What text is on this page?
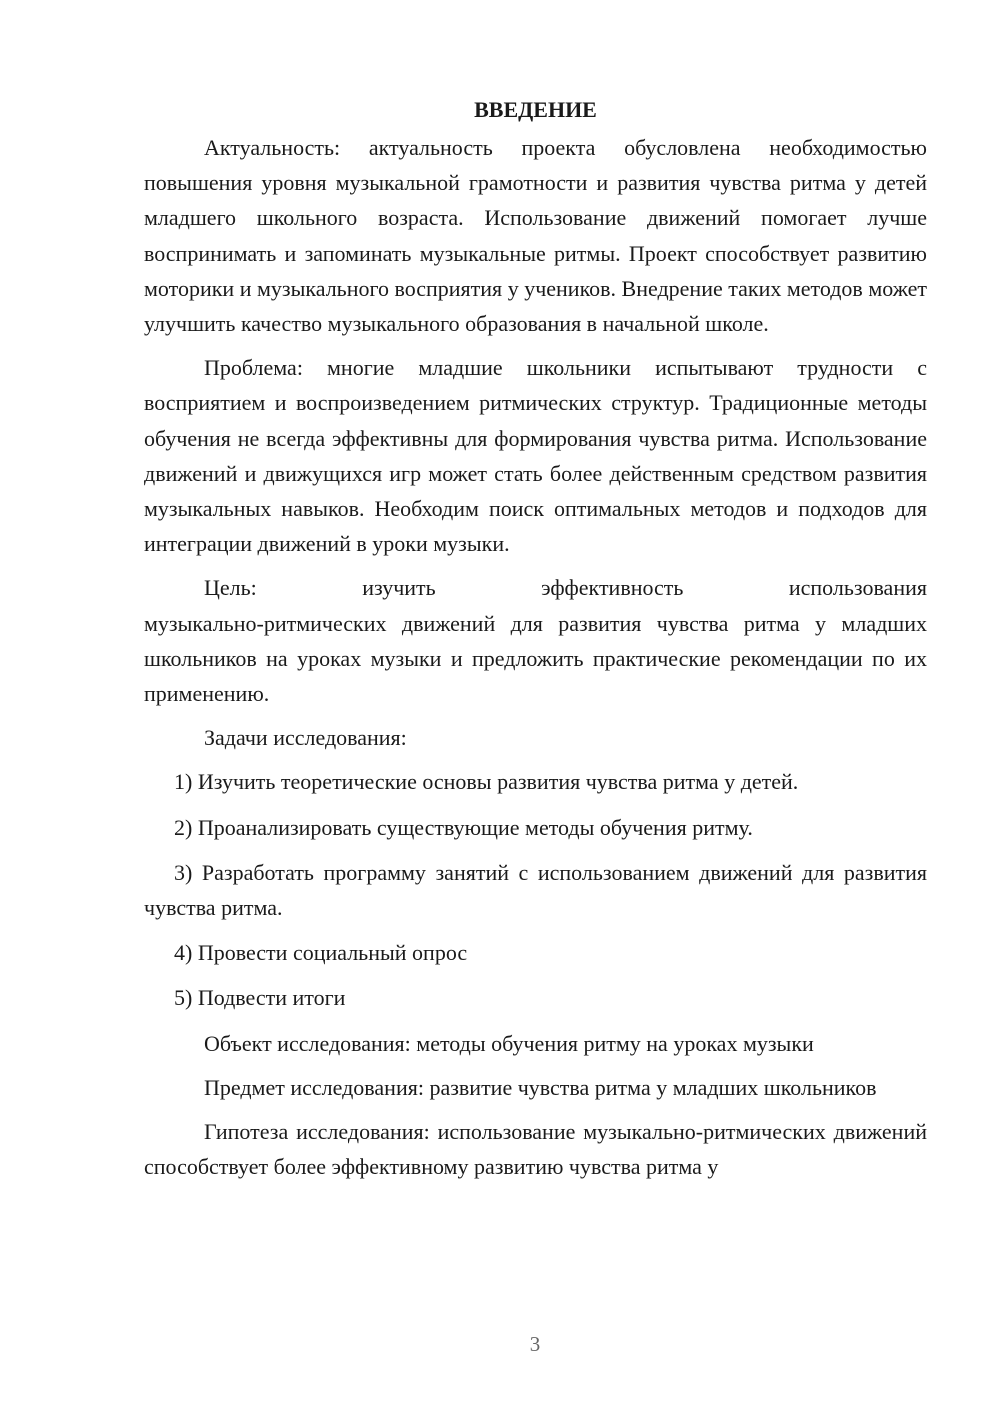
ВВЕДЕНИЕ

Актуальность: актуальность проекта обусловлена необходимостью повышения уровня музыкальной грамотности и развития чувства ритма у детей младшего школьного возраста. Использование движений помогает лучше воспринимать и запоминать музыкальные ритмы. Проект способствует развитию моторики и музыкального восприятия у учеников. Внедрение таких методов может улучшить качество музыкального образования в начальной школе.

Проблема: многие младшие школьники испытывают трудности с восприятием и воспроизведением ритмических структур. Традиционные методы обучения не всегда эффективны для формирования чувства ритма. Использование движений и движущихся игр может стать более действенным средством развития музыкальных навыков. Необходим поиск оптимальных методов и подходов для интеграции движений в уроки музыки.

Цель: изучить эффективность использования

музыкально-ритмических движений для развития чувства ритма у младших школьников на уроках музыки и предложить практические рекомендации по их применению.

Задачи исследования:

1) Изучить теоретические основы развития чувства ритма у детей.

2) Проанализировать существующие методы обучения ритму.

3) Разработать программу занятий с использованием движений для развития чувства ритма.

4) Провести социальный опрос

5) Подвести итоги

Объект исследования: методы обучения ритму на уроках музыки

Предмет исследования: развитие чувства ритма у младших школьников

Гипотеза исследования: использование музыкально-ритмических движений способствует более эффективному развитию чувства ритма у

3
